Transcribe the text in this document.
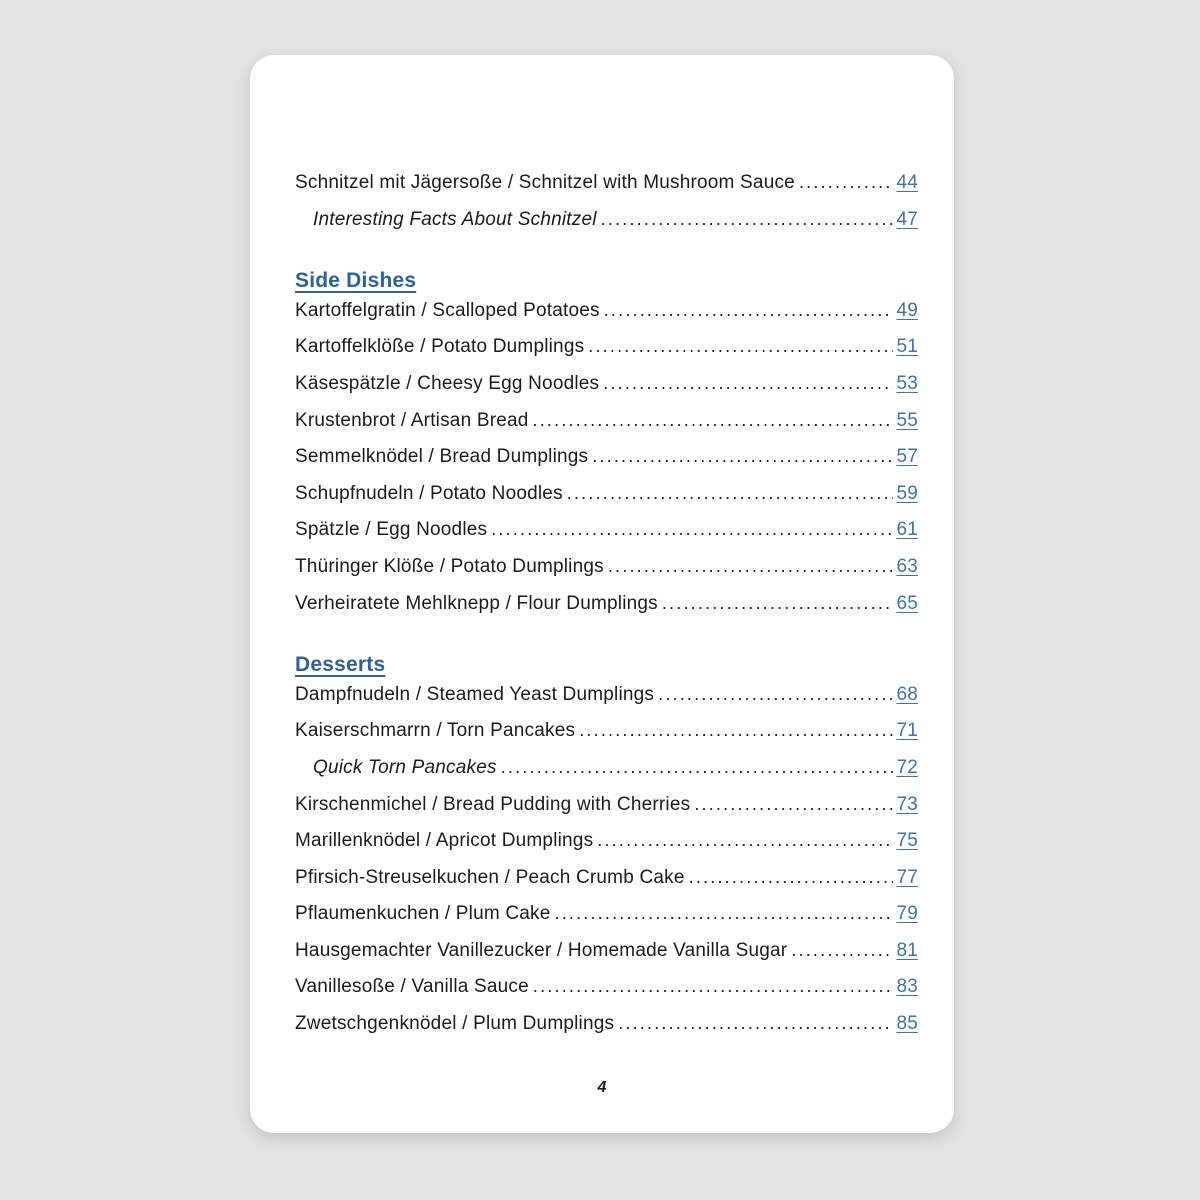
Schnitzel mit Jägersoße / Schnitzel with Mushroom Sauce .....	44
Interesting Facts About Schnitzel .....	47
Side Dishes
Kartoffelgratin / Scalloped Potatoes .....	49
Kartoffelklöße / Potato Dumplings .....	51
Käsespätzle / Cheesy Egg Noodles .....	53
Krustenbrot / Artisan Bread .....	55
Semmelknödel / Bread Dumplings .....	57
Schupfnudeln / Potato Noodles .....	59
Spätzle / Egg Noodles .....	61
Thüringer Klöße / Potato Dumplings .....	63
Verheiratete Mehlknepp / Flour Dumplings .....	65
Desserts
Dampfnudeln / Steamed Yeast Dumplings .....	68
Kaiserschmarrn / Torn Pancakes .....	71
Quick Torn Pancakes .....	72
Kirschenmichel / Bread Pudding with Cherries .....	73
Marillenknödel / Apricot Dumplings .....	75
Pfirsich-Streuselkuchen / Peach Crumb Cake .....	77
Pflaumenkuchen / Plum Cake .....	79
Hausgemachter Vanillezucker / Homemade Vanilla Sugar .....	81
Vanillesoße / Vanilla Sauce .....	83
Zwetschgenknödel / Plum Dumplings .....	85
4
